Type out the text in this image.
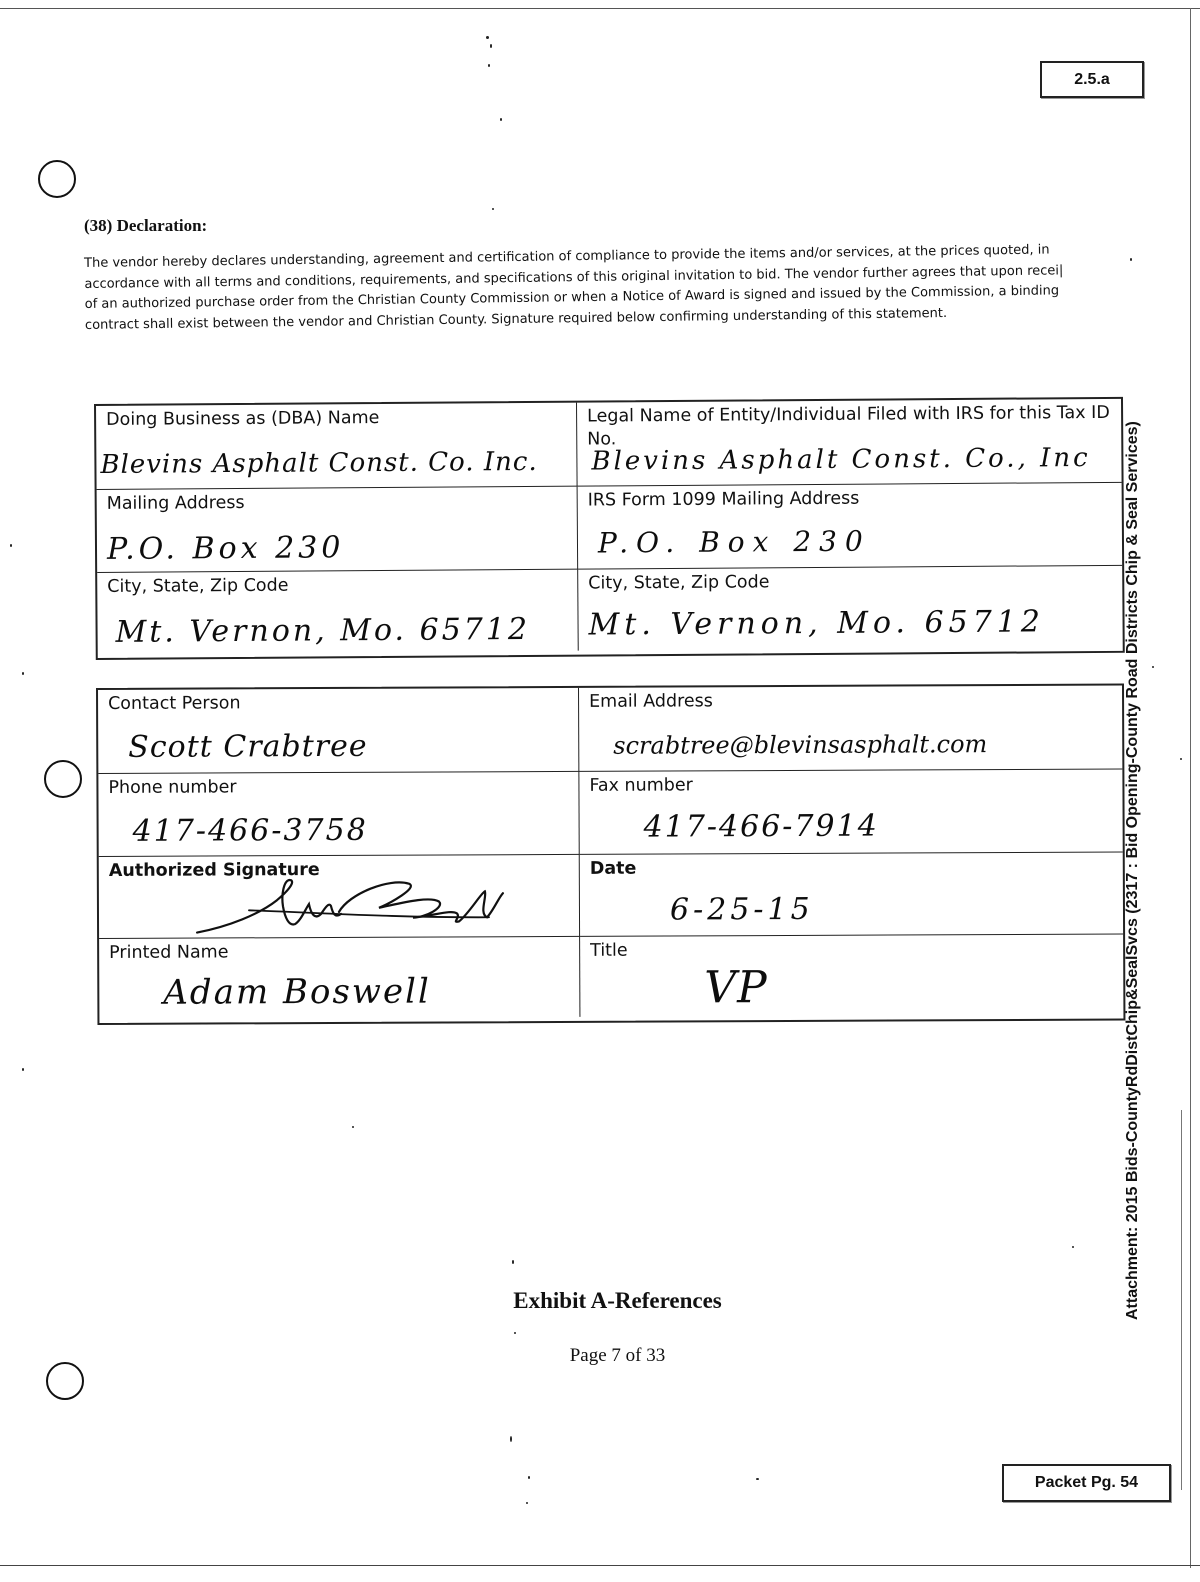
2.5.a
Attachment: 2015 Bids-CountyRdDistChip&SealSvcs (2317 : Bid Opening-County Road Districts Chip & Seal Services)
(38) Declaration:
The vendor hereby declares understanding, agreement and certification of compliance to provide the items and/or services, at the prices quoted, in
accordance with all terms and conditions, requirements, and specifications of this original invitation to bid. The vendor further agrees that upon recei|
of an authorized purchase order from the Christian County Commission or when a Notice of Award is signed and issued by the Commission, a binding
contract shall exist between the vendor and Christian County. Signature required below confirming understanding of this statement.
Doing Business as (DBA) Name
Blevins Asphalt Const. Co. Inc.
Legal Name of Entity/Individual Filed with IRS for this Tax ID No.
Blevins Asphalt Const. Co., Inc
Mailing Address
P.O. Box 230
IRS Form 1099 Mailing Address
P.O. Box 230
City, State, Zip Code
Mt. Vernon, Mo. 65712
City, State, Zip Code
Mt. Vernon, Mo. 65712
Contact Person
Scott Crabtree
Email Address
scrabtree@blevinsasphalt.com
Phone number
417-466-3758
Fax number
417-466-7914
Authorized Signature	Date
6-25-15
Printed Name
Adam Boswell
Title
VP
Exhibit A-References
Page 7 of 33
Packet Pg. 54
